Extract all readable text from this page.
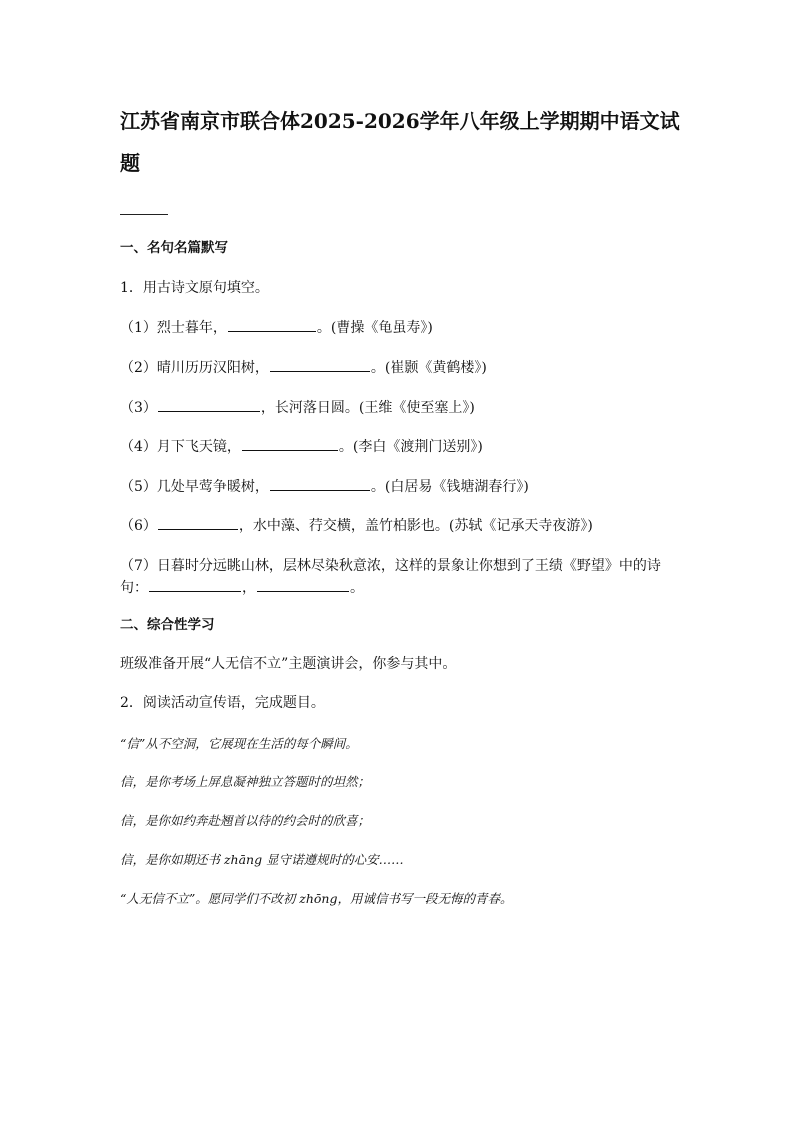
江苏省南京市联合体2025-2026学年八年级上学期期中语文试题
一、名句名篇默写
1．用古诗文原句填空。
（1）烈士暮年，	。(曹操《龟虽寿》)
（2）晴川历历汉阳树，	。(崔颢《黄鹤楼》)
（3）	，长河落日圆。(王维《使至塞上》)
（4）月下飞天镜，	。(李白《渡荆门送别》)
（5）几处早莺争暖树，	。(白居易《钱塘湖春行》)
（6）	，水中藻、荇交横，盖竹柏影也。(苏轼《记承天寺夜游》)
（7）日暮时分远眺山林，层林尽染秋意浓，这样的景象让你想到了王绩《野望》中的诗
句：	，	。
二、综合性学习
班级准备开展“人无信不立”主题演讲会，你参与其中。
2．阅读活动宣传语，完成题目。
“信”从不空洞，它展现在生活的每个瞬间。
信，是你考场上屏息凝神独立答题时的坦然；
信，是你如约奔赴翘首以待的约会时的欣喜；
信，是你如期还书 zhāng 显守诺遵规时的心安……
“人无信不立”。愿同学们不改初 zhōng，用诚信书写一段无悔的青春。
